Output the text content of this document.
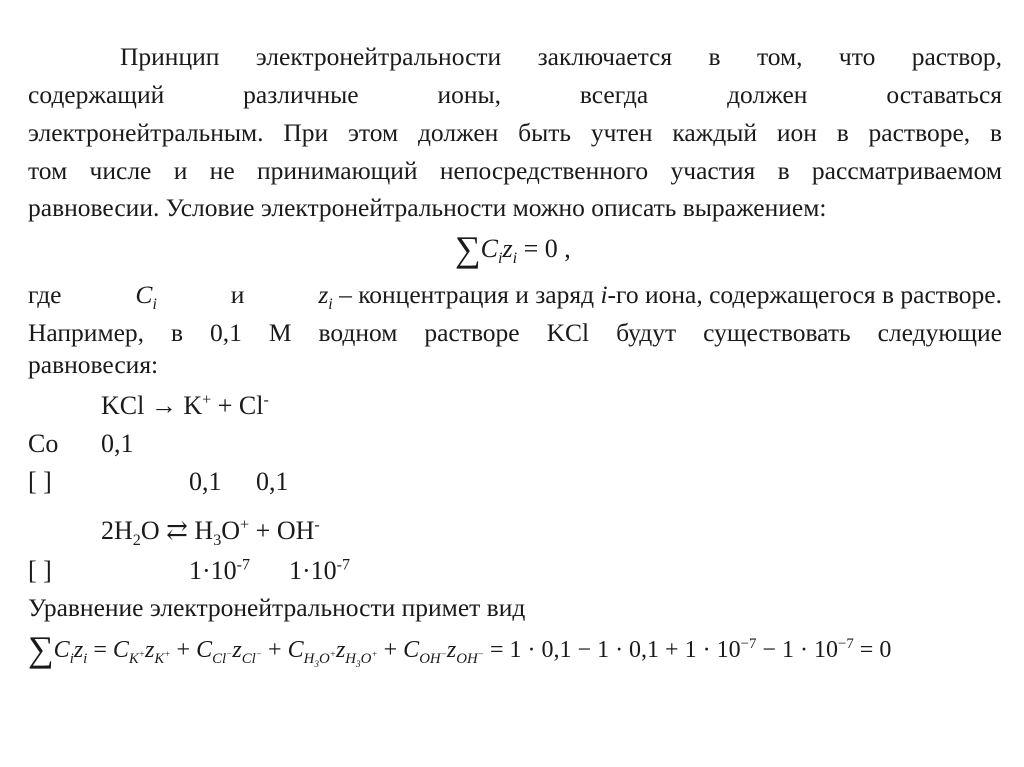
Принцип электронейтральности заключается в том, что раствор,
содержащий различные ионы, всегда должен оставаться
электронейтральным. При этом должен быть учтен каждый ион в растворе, в
том числе и не принимающий непосредственного участия в рассматриваемом
равновесии. Условие электронейтральности можно описать выражением:
$\sum C_iz_i = 0$ ,
где	$C_i$	и	$z_i$ – концентрация и заряд i-го иона, содержащегося в растворе.
Например, в 0,1 М водном растворе KCl будут существовать следующие
равновесия:
KCl → K+ + Cl-
Co 0,1
[ ]	0,1 0,1
$2H_2O$ ⇄ $H_3O^+ + OH^-$
[ ]	$1\cdot 10^{-7}$ $1\cdot 10^{-7}$
Уравнение электронейтральности примет вид
$\sum C_iz_i = C_{K^+}z_{K^+} + C_{Cl^-}z_{Cl^-} + C_{H_3O^+}z_{H_3O^+} + C_{OH^-}z_{OH^-} = 1 \cdot 0,1 - 1 \cdot 0,1 + 1 \cdot 10^{-7} - 1 \cdot 10^{-7} = 0$
